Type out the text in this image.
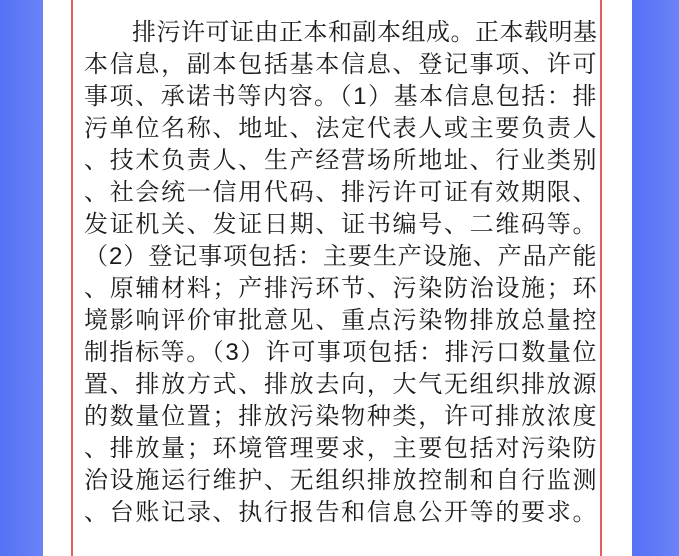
排污许可证由正本和副本组成。正本载明基
本信息，副本包括基本信息、登记事项、许可
事项、承诺书等内容。（1）基本信息包括：排
污单位名称、地址、法定代表人或主要负责人
、技术负责人、生产经营场所地址、行业类别
、社会统一信用代码、排污许可证有效期限、
发证机关、发证日期、证书编号、二维码等。
（2）登记事项包括：主要生产设施、产品产能
、原辅材料；产排污环节、污染防治设施；环
境影响评价审批意见、重点污染物排放总量控
制指标等。（3）许可事项包括：排污口数量位
置、排放方式、排放去向，大气无组织排放源
的数量位置；排放污染物种类，许可排放浓度
、排放量；环境管理要求，主要包括对污染防
治设施运行维护、无组织排放控制和自行监测
、台账记录、执行报告和信息公开等的要求。
